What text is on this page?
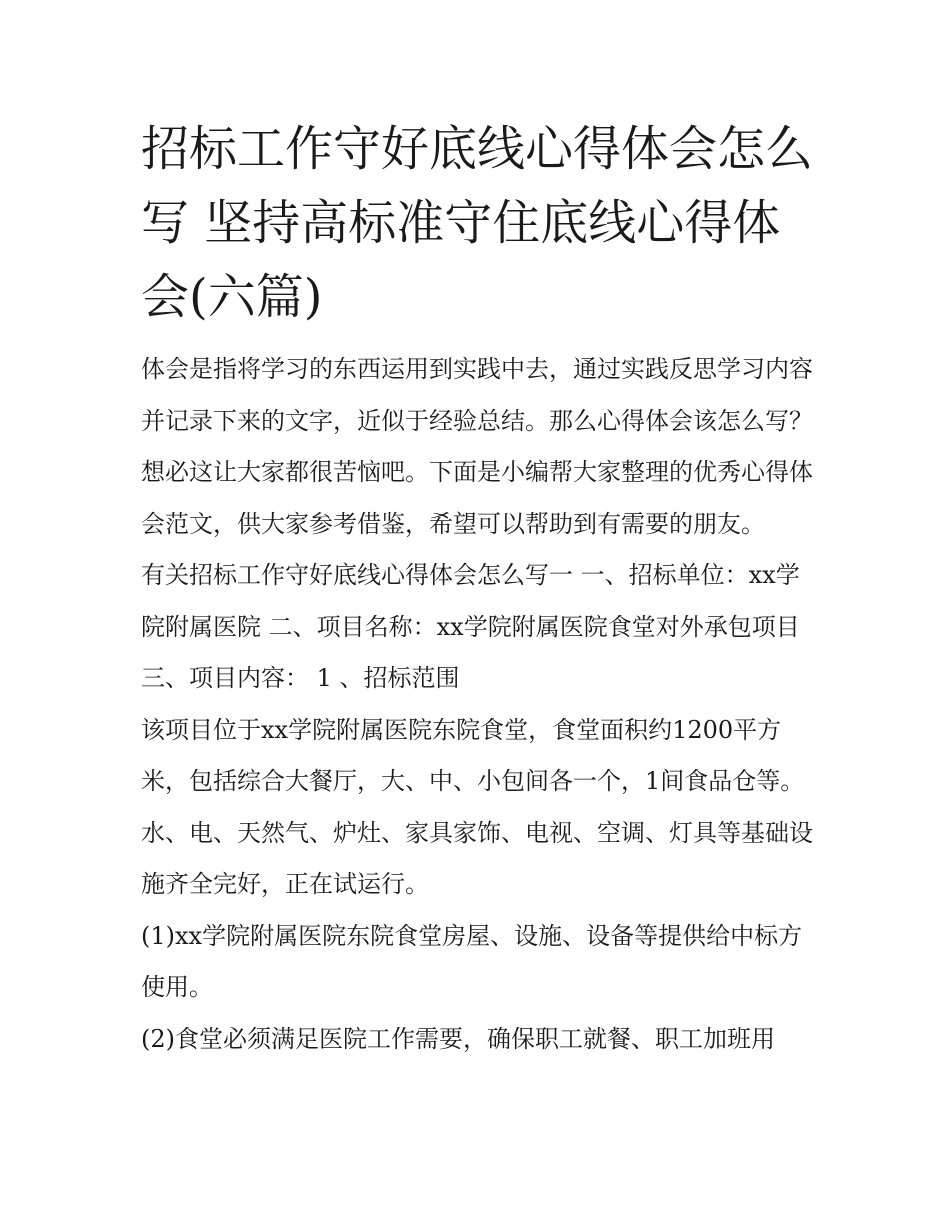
招标工作守好底线心得体会怎么写 坚持高标准守住底线心得体会(六篇)

体会是指将学习的东西运用到实践中去，通过实践反思学习内容并记录下来的文字，近似于经验总结。那么心得体会该怎么写？想必这让大家都很苦恼吧。下面是小编帮大家整理的优秀心得体会范文，供大家参考借鉴，希望可以帮助到有需要的朋友。

有关招标工作守好底线心得体会怎么写一 一、招标单位：xx学院附属医院 二、项目名称：xx学院附属医院食堂对外承包项目 三、项目内容： 1 、招标范围

该项目位于xx学院附属医院东院食堂，食堂面积约1200平方米，包括综合大餐厅，大、中、小包间各一个，1间食品仓等。水、电、天然气、炉灶、家具家饰、电视、空调、灯具等基础设施齐全完好，正在试运行。

(1)xx学院附属医院东院食堂房屋、设施、设备等提供给中标方使用。

(2)食堂必须满足医院工作需要，确保职工就餐、职工加班用
